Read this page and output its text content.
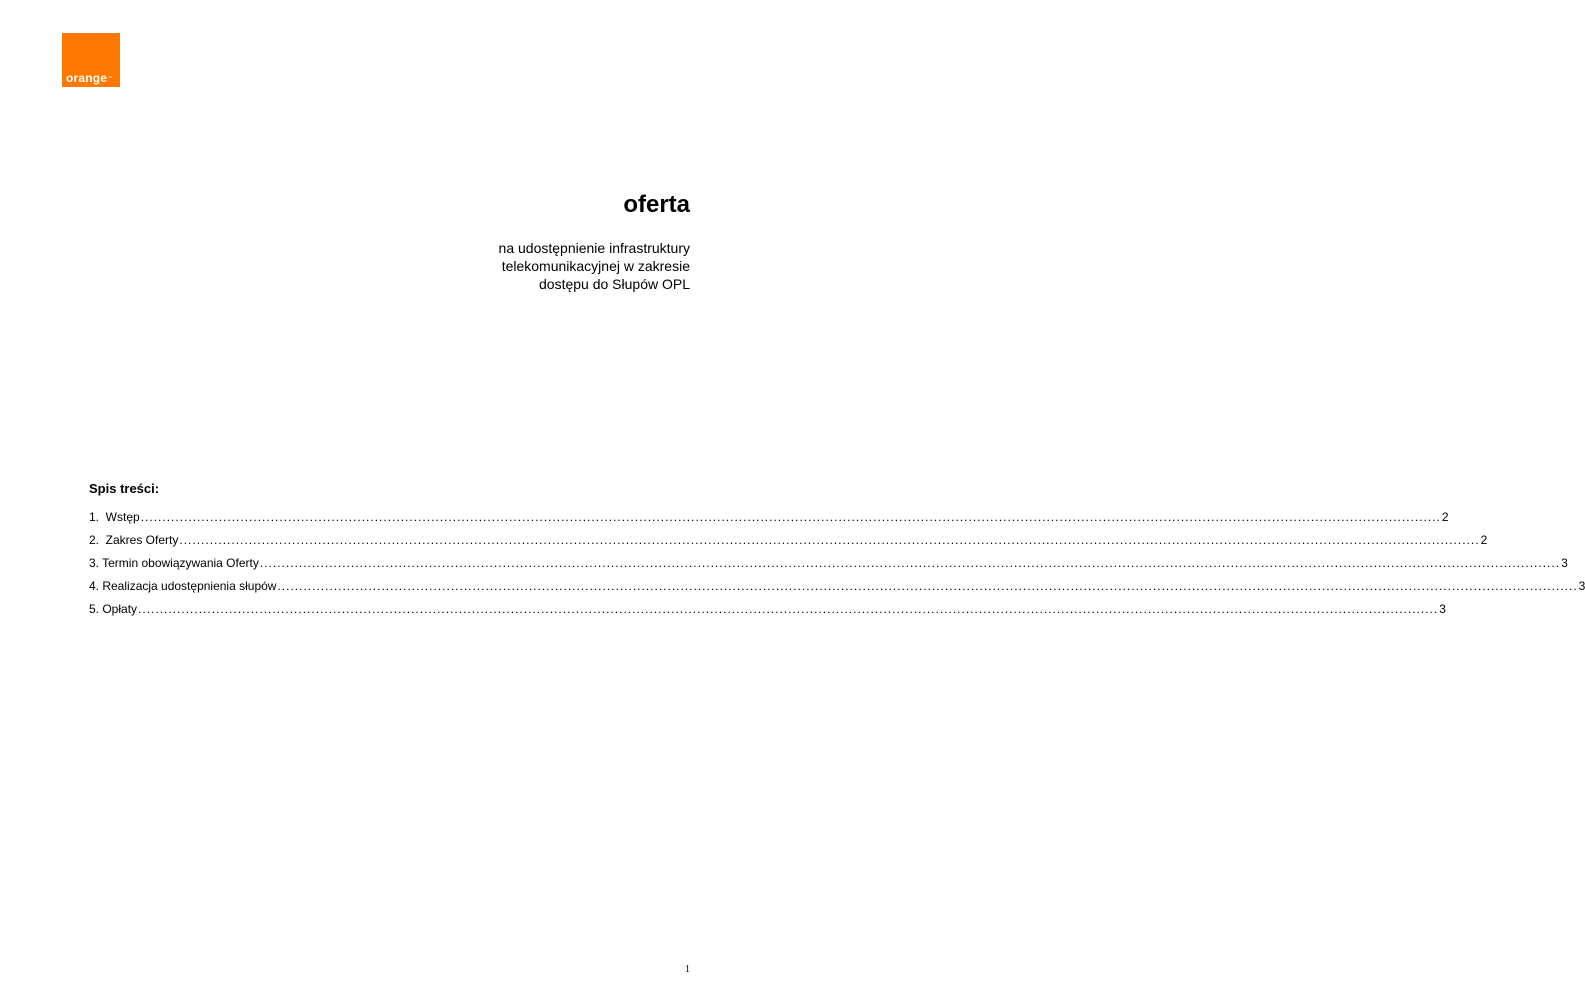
orange™
oferta
na udostępnienie infrastruktury
telekomunikacyjnej w zakresie
dostępu do Słupów OPL
Spis treści:
1.  Wstęp ............................................................................................................................................................................................................................................................................................................ 2
2.  Zakres Oferty ............................................................................................................................................................................................................................................................................................................ 2
3. Termin obowiązywania Oferty ............................................................................................................................................................................................................................................................................................................ 3
4. Realizacja udostępnienia słupów ............................................................................................................................................................................................................................................................................................................ 3
5. Opłaty ............................................................................................................................................................................................................................................................................................................ 3
1
